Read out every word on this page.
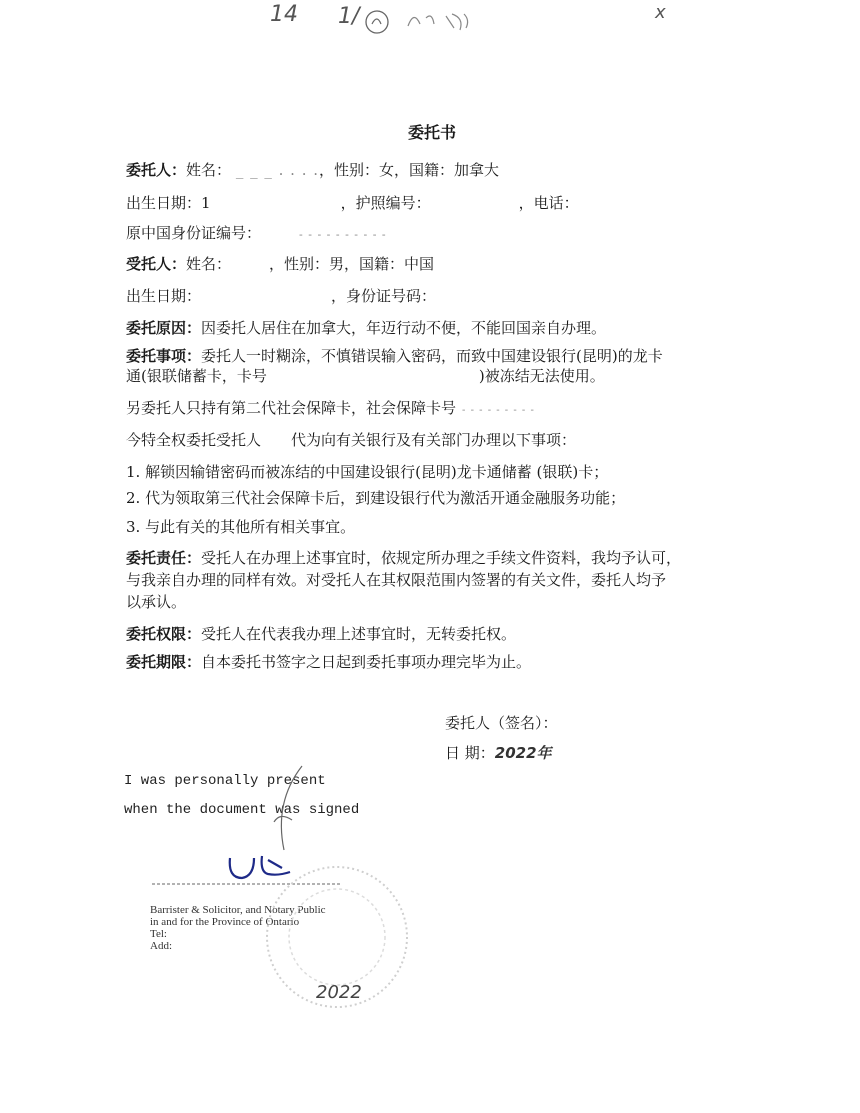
14 1/	x
委托书
委托人：姓名： _ _ _ . . . .，性别：女，国籍：加拿大
出生日期：1	，护照编号：	，电话：
原中国身份证编号：	- - - - - - - - - -
受托人：姓名：	，性别：男，国籍：中国
出生日期：	，身份证号码：
委托原因：因委托人居住在加拿大，年迈行动不便，不能回国亲自办理。
委托事项：委托人一时糊涂，不慎错误输入密码，而致中国建设银行(昆明)的龙卡
通(银联储蓄卡，卡号	)被冻结无法使用。
另委托人只持有第二代社会保障卡，社会保障卡号 - - - - - - - - -
今特全权委托受托人 代为向有关银行及有关部门办理以下事项：
1. 解锁因输错密码而被冻结的中国建设银行(昆明)龙卡通储蓄 (银联)卡；
2. 代为领取第三代社会保障卡后，到建设银行代为激活开通金融服务功能；
3. 与此有关的其他所有相关事宜。
委托责任：受托人在办理上述事宜时，依规定所办理之手续文件资料，我均予认可，
与我亲自办理的同样有效。对受托人在其权限范围内签署的有关文件，委托人均予
以承认。
委托权限：受托人在代表我办理上述事宜时，无转委托权。
委托期限：自本委托书签字之日起到委托事项办理完毕为止。
委托人（签名）：
日 期：2022年
I was personally present
when the document was signed
Barrister & Solicitor, and Notary Public
in and for the Province of Ontario
Tel:
Add:
2022
